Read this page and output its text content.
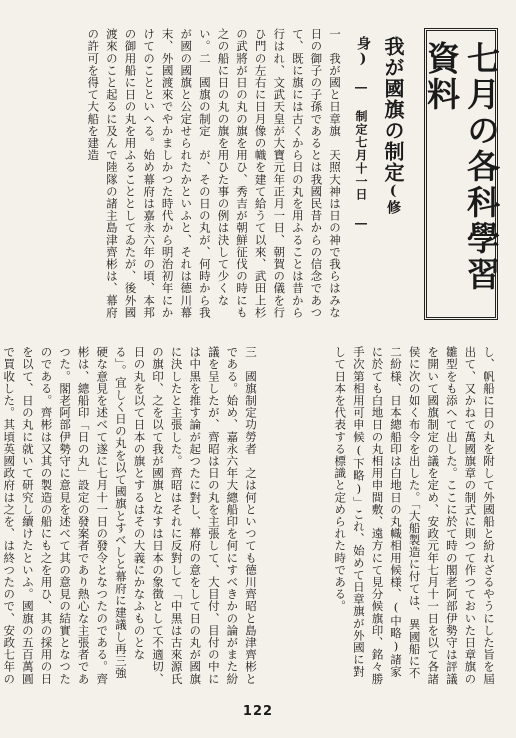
七月の各科學習資料
我が國旗の制定(修身)
― 制定七月十一日 ―
一　我が國と日章旗　天照大神は日の神で我らはみな日の御子の子孫であるとは我國民昔からの信念であつて、既に旗には古くから日の丸を用ふることは昔から行はれ、文武天皇が大寶元年正月一日、朝賀の儀を行ひ門の左右に日月像の幟を建て給うて以來、武田上杉の武將が日の丸の旗を用ひ、秀吉が朝鮮征伐の時にも之の船に日の丸の旗を用ひた事の例は決して少くない。二　國旗の制定　が、その日の丸が、何時から我が國の國旗と公定せられたかといふと、それは德川幕末、外國渡來でやかましかつた時代から明治初年にかけてのことといへる。始め幕府は嘉永六年の頃、本邦の御用船に日の丸を用ふることとしてゐたが、後外國渡來のこと起るに及んで陸隊の諸主島津齊彬は、幕府の許可を得て大船を建造
し、帆船に日の丸を附して外國船と紛れざるやうにした旨を屆出て、又かねて萬國旗章の制式に則つて作つておいた日章旗の雛型をも添へて出した。ここに於て時の閣老阿部伊勢守は評議を開いて國旗制定の議を定め、安政元年七月十一日を以て各諸侯に次の如く布令を出した。「大船製造に付ては、異國船に不二紛様、日本總船印は白地日の丸幟相用候様、(中略)諸家に於ても白地日の丸相用申間敷、遠方にて見分候旗印、銘々勝手次第相用可申候(下略)」これ、始めて日章旗が外國に對して日本を代表する標識と定められた時である。
三　國旗制定功勞者　之は何といつても德川齊昭と島津齊彬とである。始め、嘉永六年大總船印を何にすべきかの論がまた紛議を呈したが、齊昭は日の丸を主張して、大目付、目付の中には中黒を推す論が起つたに對し、幕府の意をして日の丸が國旗に決したと主張した。齊昭はそれに反對して「中黒は古來源氏の旗印、之を以て我が國旗となすは日本の象徴として不適切、日の丸を以て日本の旗とするはその大義にかなふものとなる」。宜しく日の丸を以て國旗とすべしと幕府に建議し再三強硬な意見を述べて遂に七月十一日の發令となつたのである。齊彬は、總船印「日の丸」設定の發案者であり熱心な主張者であつた。閣老阿部伊勢守に意見を述べて其の意見の結實となつたのである。齊彬は又其の製造の船にも之を用ひ、其の採用の日を以て、日の丸に就いて研究し續けたといふ。國旗の五百萬圓で買收した。其頃英國政府は之を、は終つたので、安政七年の
122
